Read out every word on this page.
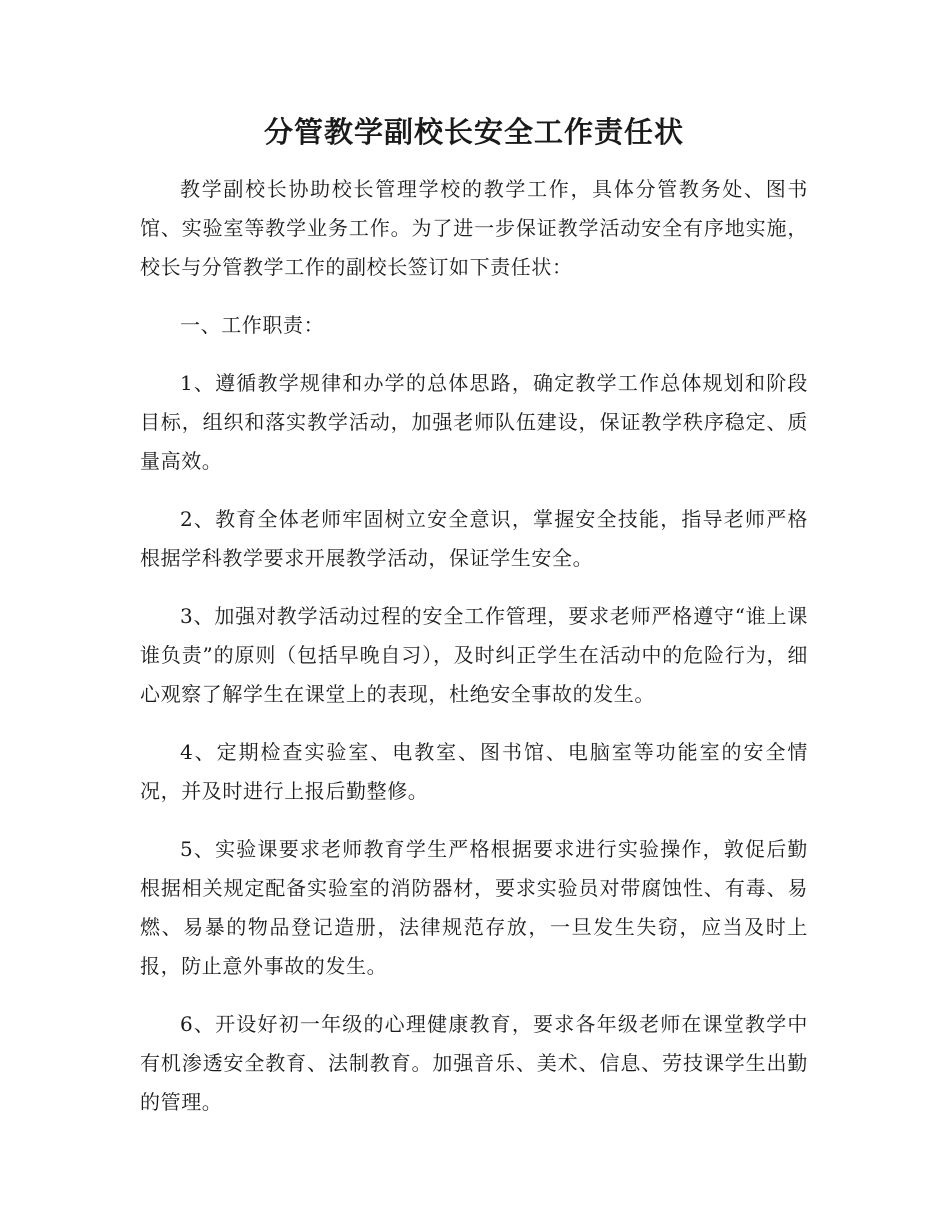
分管教学副校长安全工作责任状

教学副校长协助校长管理学校的教学工作，具体分管教务处、图书馆、实验室等教学业务工作。为了进一步保证教学活动安全有序地实施，校长与分管教学工作的副校长签订如下责任状：

一、工作职责：

1、遵循教学规律和办学的总体思路，确定教学工作总体规划和阶段目标，组织和落实教学活动，加强老师队伍建设，保证教学秩序稳定、质量高效。

2、教育全体老师牢固树立安全意识，掌握安全技能，指导老师严格根据学科教学要求开展教学活动，保证学生安全。

3、加强对教学活动过程的安全工作管理，要求老师严格遵守“谁上课谁负责”的原则（包括早晚自习），及时纠正学生在活动中的危险行为，细心观察了解学生在课堂上的表现，杜绝安全事故的发生。

4、定期检查实验室、电教室、图书馆、电脑室等功能室的安全情况，并及时进行上报后勤整修。

5、实验课要求老师教育学生严格根据要求进行实验操作，敦促后勤根据相关规定配备实验室的消防器材，要求实验员对带腐蚀性、有毒、易燃、易暴的物品登记造册，法律规范存放，一旦发生失窃，应当及时上报，防止意外事故的发生。

6、开设好初一年级的心理健康教育，要求各年级老师在课堂教学中有机渗透安全教育、法制教育。加强音乐、美术、信息、劳技课学生出勤的管理。
